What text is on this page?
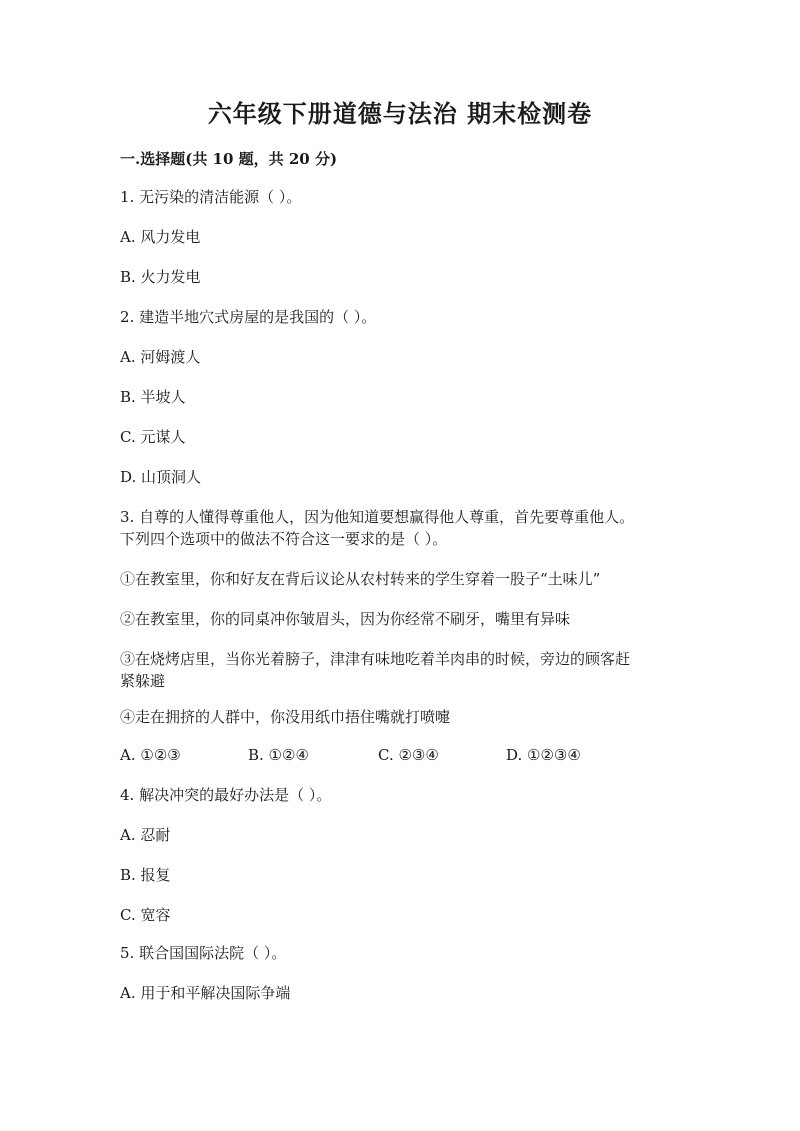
六年级下册道德与法治 期末检测卷
一.选择题(共 10 题，共 20 分)
1. 无污染的清洁能源（ ）。
A. 风力发电
B. 火力发电
2. 建造半地穴式房屋的是我国的（ ）。
A. 河姆渡人
B. 半坡人
C. 元谋人
D. 山顶洞人
3. 自尊的人懂得尊重他人，因为他知道要想赢得他人尊重，首先要尊重他人。
下列四个选项中的做法不符合这一要求的是（ ）。
①在教室里，你和好友在背后议论从农村转来的学生穿着一股子“土味儿”
②在教室里，你的同桌冲你皱眉头，因为你经常不刷牙，嘴里有异味
③在烧烤店里，当你光着膀子，津津有味地吃着羊肉串的时候，旁边的顾客赶
紧躲避
④走在拥挤的人群中，你没用纸巾捂住嘴就打喷嚏
A. ①②③	B. ①②④	C. ②③④	D. ①②③④
4. 解决冲突的最好办法是（ ）。
A. 忍耐
B. 报复
C. 宽容
5. 联合国国际法院（ ）。
A. 用于和平解决国际争端
